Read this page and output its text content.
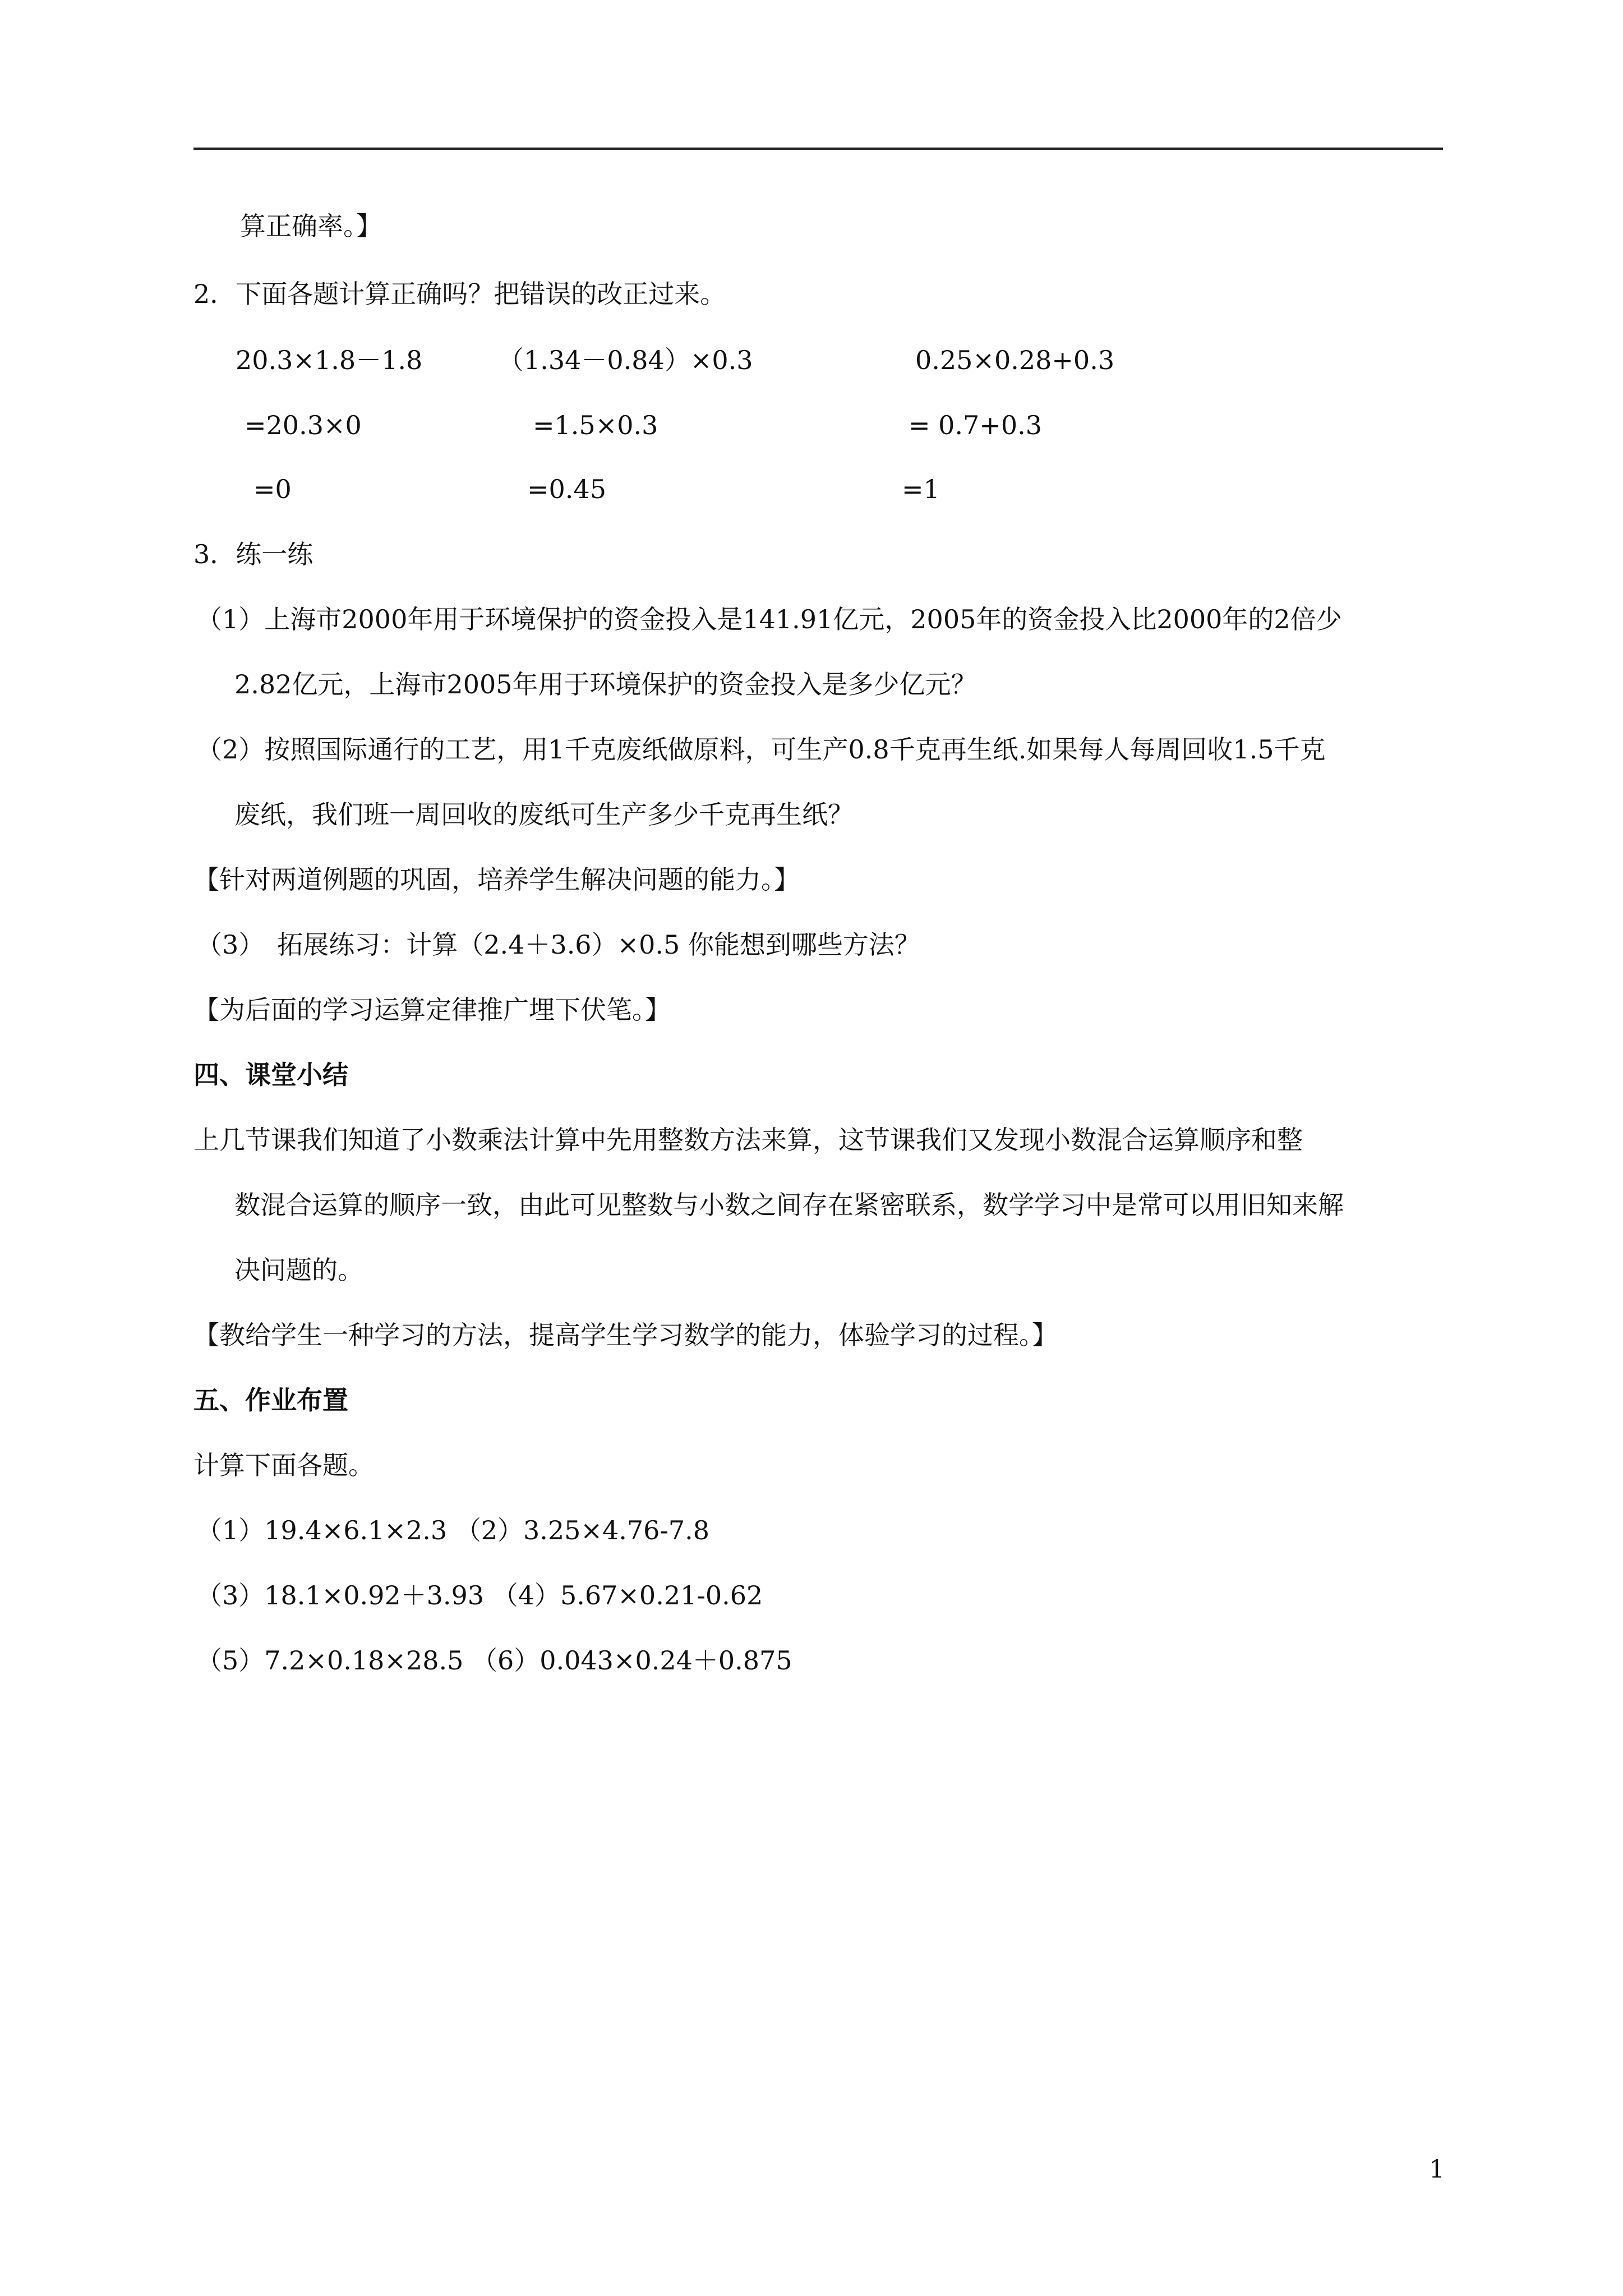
算正确率。】
2．下面各题计算正确吗？把错误的改正过来。
20.3×1.8－1.8	（1.34－0.84）×0.3	0.25×0.28+0.3
=20.3×0	=1.5×0.3	= 0.7+0.3
=0	=0.45	=1
3．练一练
（1）上海市2000年用于环境保护的资金投入是141.91亿元，2005年的资金投入比2000年的2倍少
2.82亿元，上海市2005年用于环境保护的资金投入是多少亿元？
（2）按照国际通行的工艺，用1千克废纸做原料，可生产0.8千克再生纸.如果每人每周回收1.5千克
废纸，我们班一周回收的废纸可生产多少千克再生纸？
【针对两道例题的巩固，培养学生解决问题的能力。】
（3）　拓展练习：计算（2.4＋3.6）×0.5 你能想到哪些方法？
【为后面的学习运算定律推广埋下伏笔。】
四、课堂小结
上几节课我们知道了小数乘法计算中先用整数方法来算，这节课我们又发现小数混合运算顺序和整
数混合运算的顺序一致，由此可见整数与小数之间存在紧密联系，数学学习中是常可以用旧知来解
决问题的。
【教给学生一种学习的方法，提高学生学习数学的能力，体验学习的过程。】
五、作业布置
计算下面各题。
（1）19.4×6.1×2.3 （2）3.25×4.76-7.8
（3）18.1×0.92＋3.93 （4）5.67×0.21-0.62
（5）7.2×0.18×28.5 （6）0.043×0.24＋0.875
1
